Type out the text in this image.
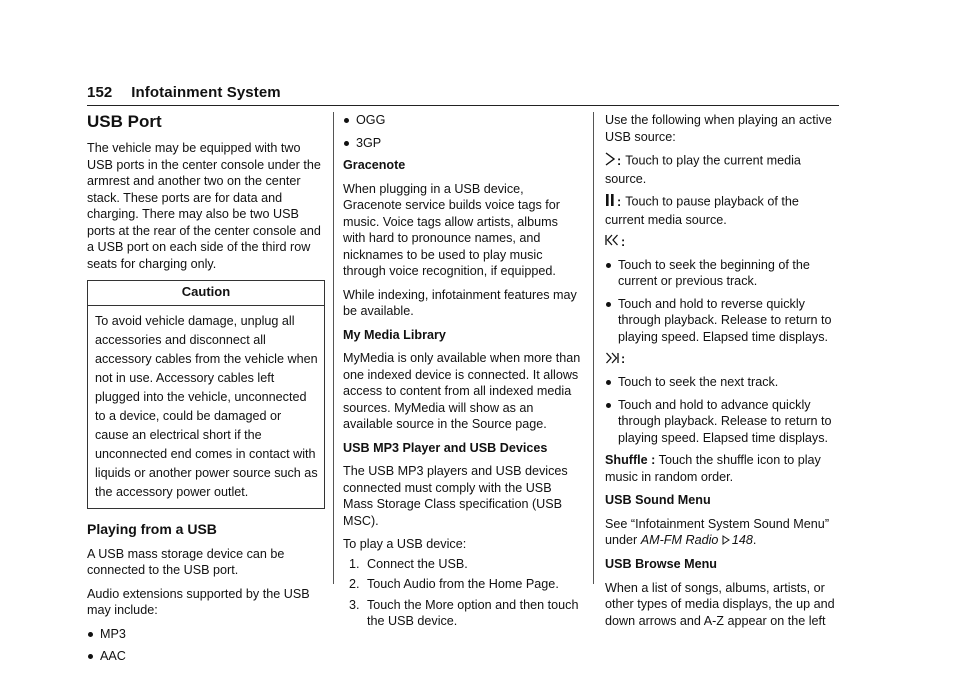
152 Infotainment System
USB Port
The vehicle may be equipped with two USB ports in the center console under the armrest and another two on the center stack. These ports are for data and charging. There may also be two USB ports at the rear of the center console and a USB port on each side of the third row seats for charging only.
Caution
To avoid vehicle damage, unplug all accessories and disconnect all accessory cables from the vehicle when not in use. Accessory cables left plugged into the vehicle, unconnected to a device, could be damaged or cause an electrical short if the unconnected end comes in contact with liquids or another power source such as the accessory power outlet.
Playing from a USB
A USB mass storage device can be connected to the USB port.
Audio extensions supported by the USB may include:
MP3
AAC
OGG
3GP
Gracenote
When plugging in a USB device, Gracenote service builds voice tags for music. Voice tags allow artists, albums with hard to pronounce names, and nicknames to be used to play music through voice recognition, if equipped.
While indexing, infotainment features may be available.
My Media Library
MyMedia is only available when more than one indexed device is connected. It allows access to content from all indexed media sources. MyMedia will show as an available source in the Source page.
USB MP3 Player and USB Devices
The USB MP3 players and USB devices connected must comply with the USB Mass Storage Class specification (USB MSC).
To play a USB device:
1. Connect the USB.
2. Touch Audio from the Home Page.
3. Touch the More option and then touch the USB device.
Use the following when playing an active USB source:
: Touch to play the current media source.
: Touch to pause playback of the current media source.
:
Touch to seek the beginning of the current or previous track.
Touch and hold to reverse quickly through playback. Release to return to playing speed. Elapsed time displays.
:
Touch to seek the next track.
Touch and hold to advance quickly through playback. Release to return to playing speed. Elapsed time displays.
Shuffle : Touch the shuffle icon to play music in random order.
USB Sound Menu
See “Infotainment System Sound Menu” under AM-FM Radio 148.
USB Browse Menu
When a list of songs, albums, artists, or other types of media displays, the up and down arrows and A-Z appear on the left
